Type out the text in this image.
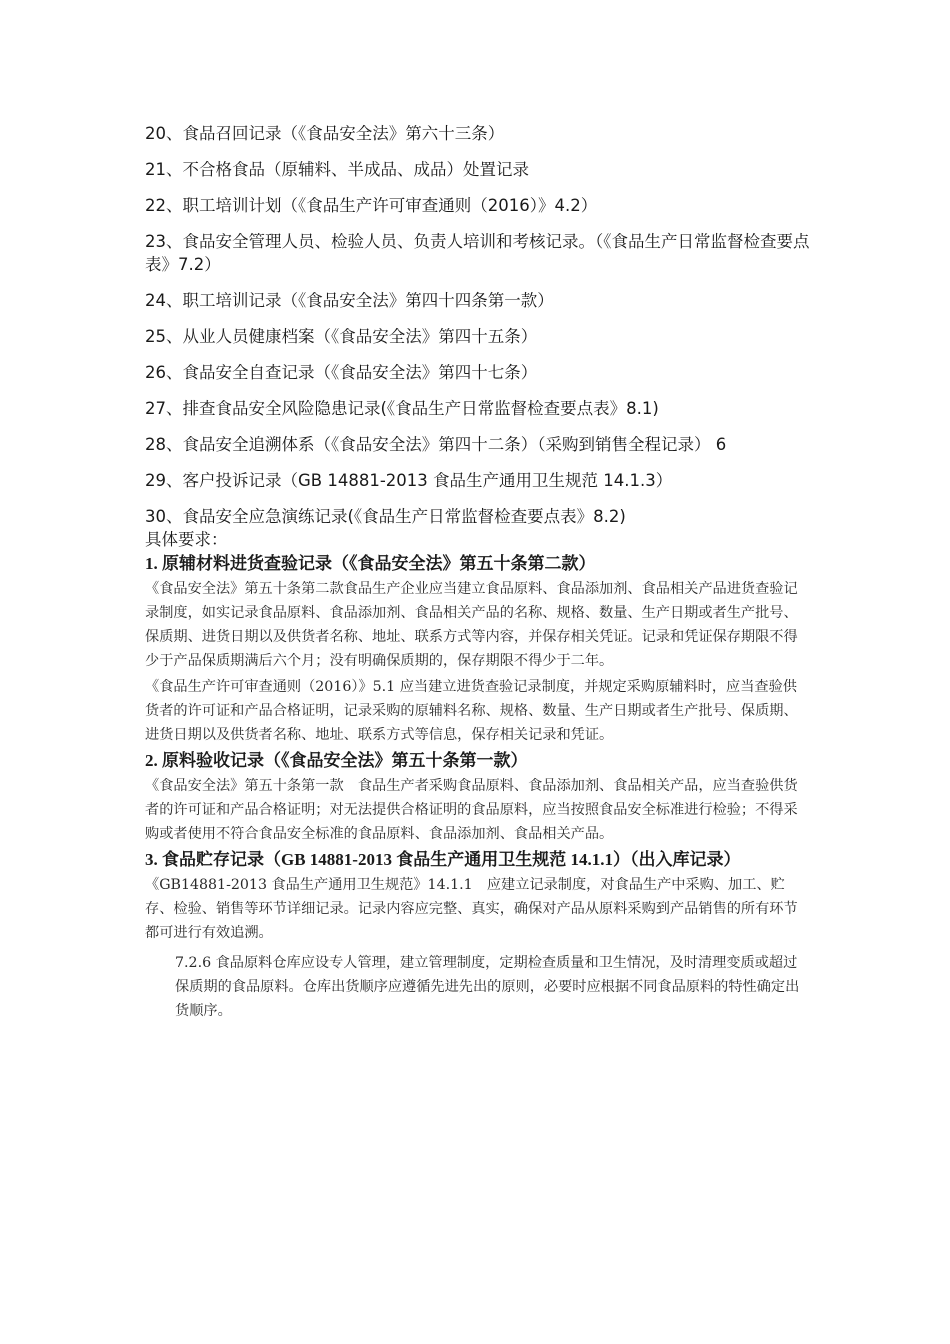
20、食品召回记录（《食品安全法》第六十三条）

21、不合格食品（原辅料、半成品、成品）处置记录

22、职工培训计划（《食品生产许可审查通则（2016）》4.2）

23、食品安全管理人员、检验人员、负责人培训和考核记录。（《食品生产日常监督检查要点表》7.2）

24、职工培训记录（《食品安全法》第四十四条第一款）

25、从业人员健康档案（《食品安全法》第四十五条）

26、食品安全自查记录（《食品安全法》第四十七条）

27、排查食品安全风险隐患记录(《食品生产日常监督检查要点表》8.1)

28、食品安全追溯体系（《食品安全法》第四十二条）（采购到销售全程记录） 6

29、客户投诉记录（GB 14881-2013 食品生产通用卫生规范 14.1.3）

30、食品安全应急演练记录(《食品生产日常监督检查要点表》8.2)

具体要求：

1. 原辅材料进货查验记录（《食品安全法》第五十条第二款）

《食品安全法》第五十条第二款食品生产企业应当建立食品原料、食品添加剂、食品相关产品进货查验记录制度，如实记录食品原料、食品添加剂、食品相关产品的名称、规格、数量、生产日期或者生产批号、保质期、进货日期以及供货者名称、地址、联系方式等内容，并保存相关凭证。记录和凭证保存期限不得少于产品保质期满后六个月；没有明确保质期的，保存期限不得少于二年。

《食品生产许可审查通则（2016）》5.1 应当建立进货查验记录制度，并规定采购原辅料时，应当查验供货者的许可证和产品合格证明，记录采购的原辅料名称、规格、数量、生产日期或者生产批号、保质期、进货日期以及供货者名称、地址、联系方式等信息，保存相关记录和凭证。

2. 原料验收记录（《食品安全法》第五十条第一款）

《食品安全法》第五十条第一款　食品生产者采购食品原料、食品添加剂、食品相关产品，应当查验供货者的许可证和产品合格证明；对无法提供合格证明的食品原料，应当按照食品安全标准进行检验；不得采购或者使用不符合食品安全标准的食品原料、食品添加剂、食品相关产品。

3. 食品贮存记录（GB 14881-2013 食品生产通用卫生规范 14.1.1）（出入库记录）

《GB14881-2013 食品生产通用卫生规范》14.1.1　应建立记录制度，对食品生产中采购、加工、贮存、检验、销售等环节详细记录。记录内容应完整、真实，确保对产品从原料采购到产品销售的所有环节都可进行有效追溯。

7.2.6 食品原料仓库应设专人管理，建立管理制度，定期检查质量和卫生情况，及时清理变质或超过保质期的食品原料。仓库出货顺序应遵循先进先出的原则，必要时应根据不同食品原料的特性确定出货顺序。
